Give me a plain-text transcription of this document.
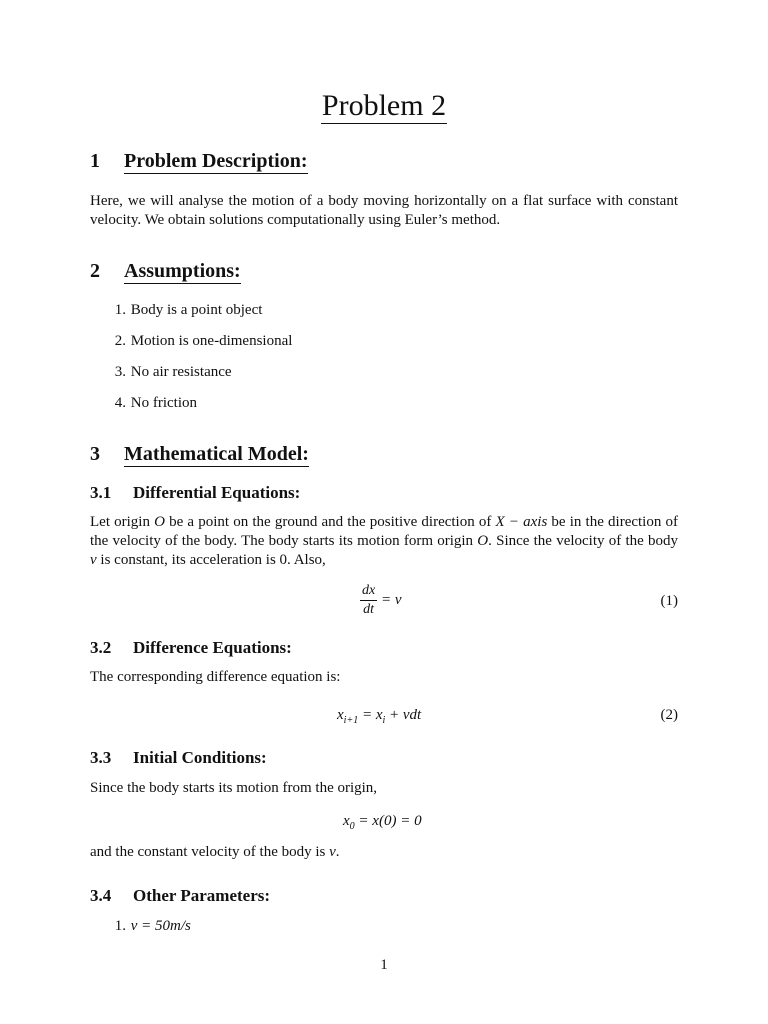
Problem 2
1 Problem Description:
Here, we will analyse the motion of a body moving horizontally on a flat surface with constant velocity. We obtain solutions computationally using Euler’s method.
2 Assumptions:
1. Body is a point object
2. Motion is one-dimensional
3. No air resistance
4. No friction
3 Mathematical Model:
3.1 Differential Equations:
Let origin O be a point on the ground and the positive direction of X − axis be in the direction of the velocity of the body. The body starts its motion form origin O. Since the velocity of the body v is constant, its acceleration is 0. Also,
$\frac{dx}{dt} = v$	(1)
3.2 Difference Equations:
The corresponding difference equation is:
$x_{i+1} = x_i$ + vdt	(2)
3.3 Initial Conditions:
Since the body starts its motion from the origin,
$x_0 = x(0) = 0$
and the constant velocity of the body is v.
3.4 Other Parameters:
1. v = 50m/s
1
